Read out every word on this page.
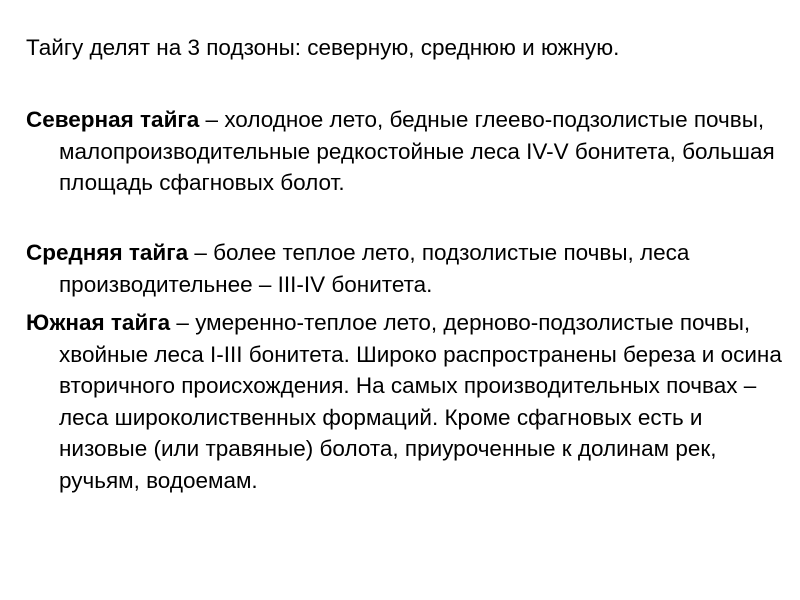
Тайгу делят на 3 подзоны: северную, среднюю и южную.

Северная тайга – холодное лето, бедные глеево-подзолистые почвы, малопроизводительные редкостойные леса IV-V бонитета, большая площадь сфагновых болот.

Средняя тайга – более теплое лето, подзолистые почвы, леса производительнее – III-IV бонитета.

Южная тайга – умеренно-теплое лето, дерново-подзолистые почвы, хвойные леса I-III бонитета. Широко распространены береза и осина вторичного происхождения. На самых производительных почвах – леса широколиственных формаций. Кроме сфагновых есть и низовые (или травяные) болота, приуроченные к долинам рек, ручьям, водоемам.
